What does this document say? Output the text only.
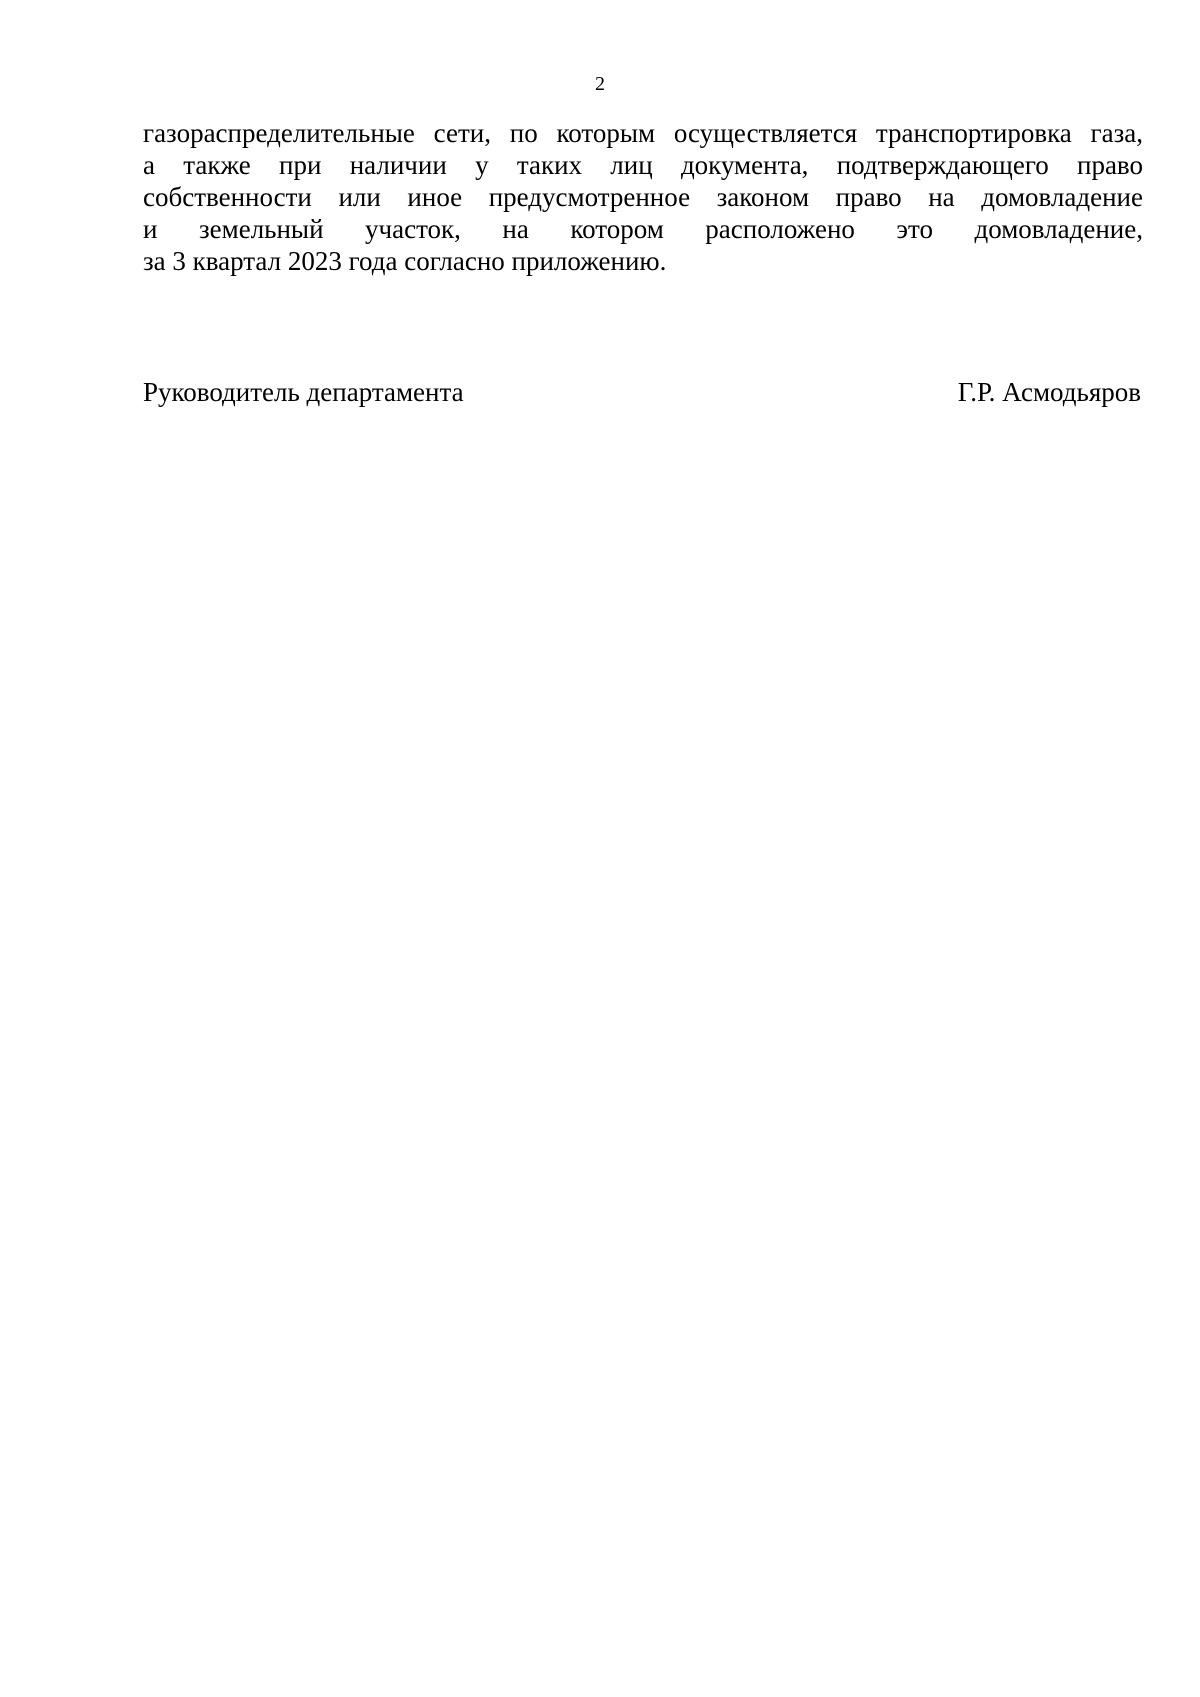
2
газораспределительные сети, по которым осуществляется транспортировка газа,
а также при наличии у таких лиц документа, подтверждающего право
собственности или иное предусмотренное законом право на домовладение
и земельный участок, на котором расположено это домовладение,
за 3 квартал 2023 года согласно приложению.
Руководитель департамента	Г.Р. Асмодьяров
